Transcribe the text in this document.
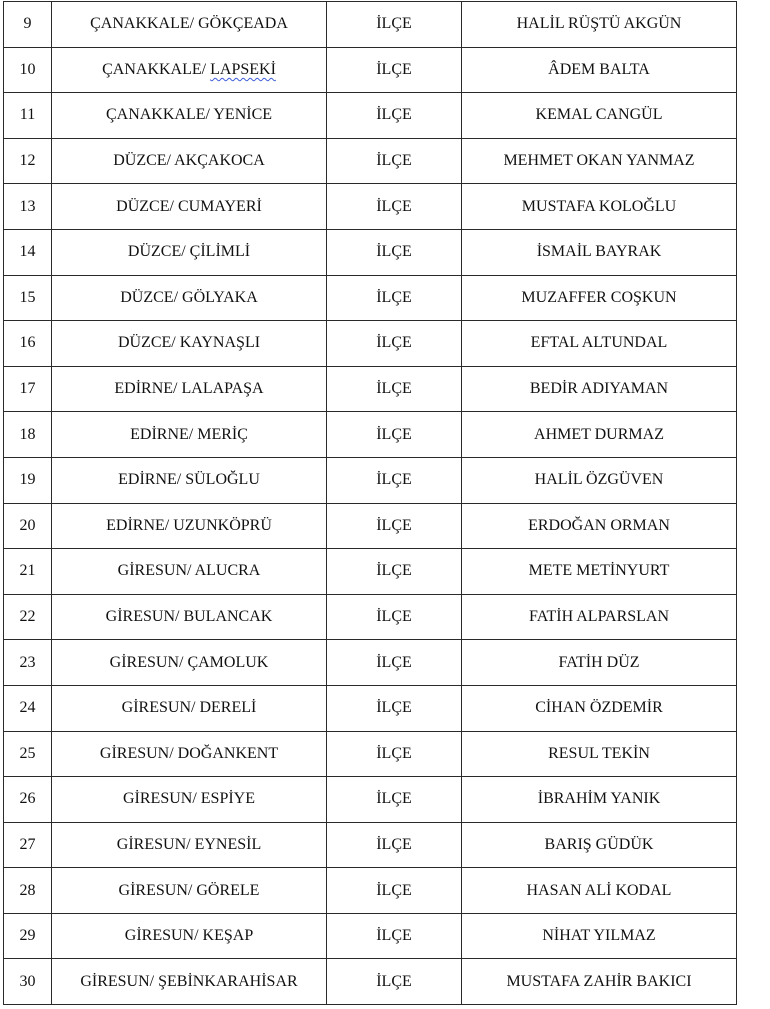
9	ÇANAKKALE/ GÖKÇEADA	İLÇE	HALİL RÜŞTÜ AKGÜN
10	ÇANAKKALE/ LAPSEKİ	İLÇE	ÂDEM BALTA
11	ÇANAKKALE/ YENİCE	İLÇE	KEMAL CANGÜL
12	DÜZCE/ AKÇAKOCA	İLÇE	MEHMET OKAN YANMAZ
13	DÜZCE/ CUMAYERİ	İLÇE	MUSTAFA KOLOĞLU
14	DÜZCE/ ÇİLİMLİ	İLÇE	İSMAİL BAYRAK
15	DÜZCE/ GÖLYAKA	İLÇE	MUZAFFER COŞKUN
16	DÜZCE/ KAYNAŞLI	İLÇE	EFTAL ALTUNDAL
17	EDİRNE/ LALAPAŞA	İLÇE	BEDİR ADIYAMAN
18	EDİRNE/ MERİÇ	İLÇE	AHMET DURMAZ
19	EDİRNE/ SÜLOĞLU	İLÇE	HALİL ÖZGÜVEN
20	EDİRNE/ UZUNKÖPRÜ	İLÇE	ERDOĞAN ORMAN
21	GİRESUN/ ALUCRA	İLÇE	METE METİNYURT
22	GİRESUN/ BULANCAK	İLÇE	FATİH ALPARSLAN
23	GİRESUN/ ÇAMOLUK	İLÇE	FATİH DÜZ
24	GİRESUN/ DERELİ	İLÇE	CİHAN ÖZDEMİR
25	GİRESUN/ DOĞANKENT	İLÇE	RESUL TEKİN
26	GİRESUN/ ESPİYE	İLÇE	İBRAHİM YANIK
27	GİRESUN/ EYNESİL	İLÇE	BARIŞ GÜDÜK
28	GİRESUN/ GÖRELE	İLÇE	HASAN ALİ KODAL
29	GİRESUN/ KEŞAP	İLÇE	NİHAT YILMAZ
30	GİRESUN/ ŞEBİNKARAHİSAR	İLÇE	MUSTAFA ZAHİR BAKICI
